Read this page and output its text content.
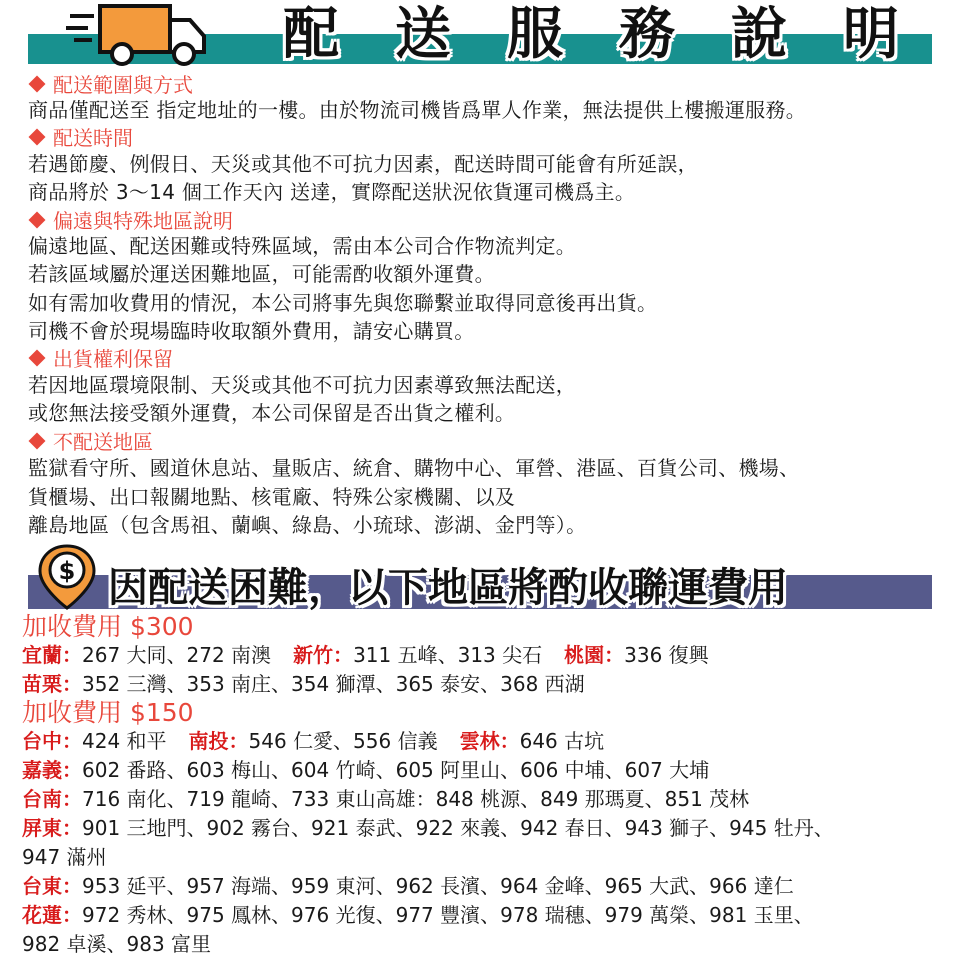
配	送	服	務	說	明
配送範圍與方式
商品僅配送至 指定地址的一樓。由於物流司機皆爲單人作業，無法提供上樓搬運服務。
配送時間
若遇節慶、例假日、天災或其他不可抗力因素，配送時間可能會有所延誤，
商品將於 3～14 個工作天內 送達，實際配送狀況依貨運司機爲主。
偏遠與特殊地區說明
偏遠地區、配送困難或特殊區域，需由本公司合作物流判定。
若該區域屬於運送困難地區，可能需酌收額外運費。
如有需加收費用的情況，本公司將事先與您聯繫並取得同意後再出貨。
司機不會於現場臨時收取額外費用，請安心購買。
出貨權利保留
若因地區環境限制、天災或其他不可抗力因素導致無法配送，
或您無法接受額外運費，本公司保留是否出貨之權利。
不配送地區
監獄看守所、國道休息站、量販店、統倉、購物中心、軍營、港區、百貨公司、機場、
貨櫃場、出口報關地點、核電廠、特殊公家機關、以及
離島地區（包含馬祖、蘭嶼、綠島、小琉球、澎湖、金門等）。
$ 因配送困難，以下地區將酌收聯運費用
加收費用 $300
宜蘭：267 大同、272 南澳 新竹：311 五峰、313 尖石 桃園：336 復興
苗栗：352 三灣、353 南庄、354 獅潭、365 泰安、368 西湖
加收費用 $150
台中：424 和平 南投：546 仁愛、556 信義 雲林：646 古坑
嘉義：602 番路、603 梅山、604 竹崎、605 阿里山、606 中埔、607 大埔
台南：716 南化、719 龍崎、733 東山高雄：848 桃源、849 那瑪夏、851 茂林
屏東：901 三地門、902 霧台、921 泰武、922 來義、942 春日、943 獅子、945 牡丹、
947 滿州
台東：953 延平、957 海端、959 東河、962 長濱、964 金峰、965 大武、966 達仁
花蓮：972 秀林、975 鳳林、976 光復、977 豐濱、978 瑞穗、979 萬榮、981 玉里、
982 卓溪、983 富里
